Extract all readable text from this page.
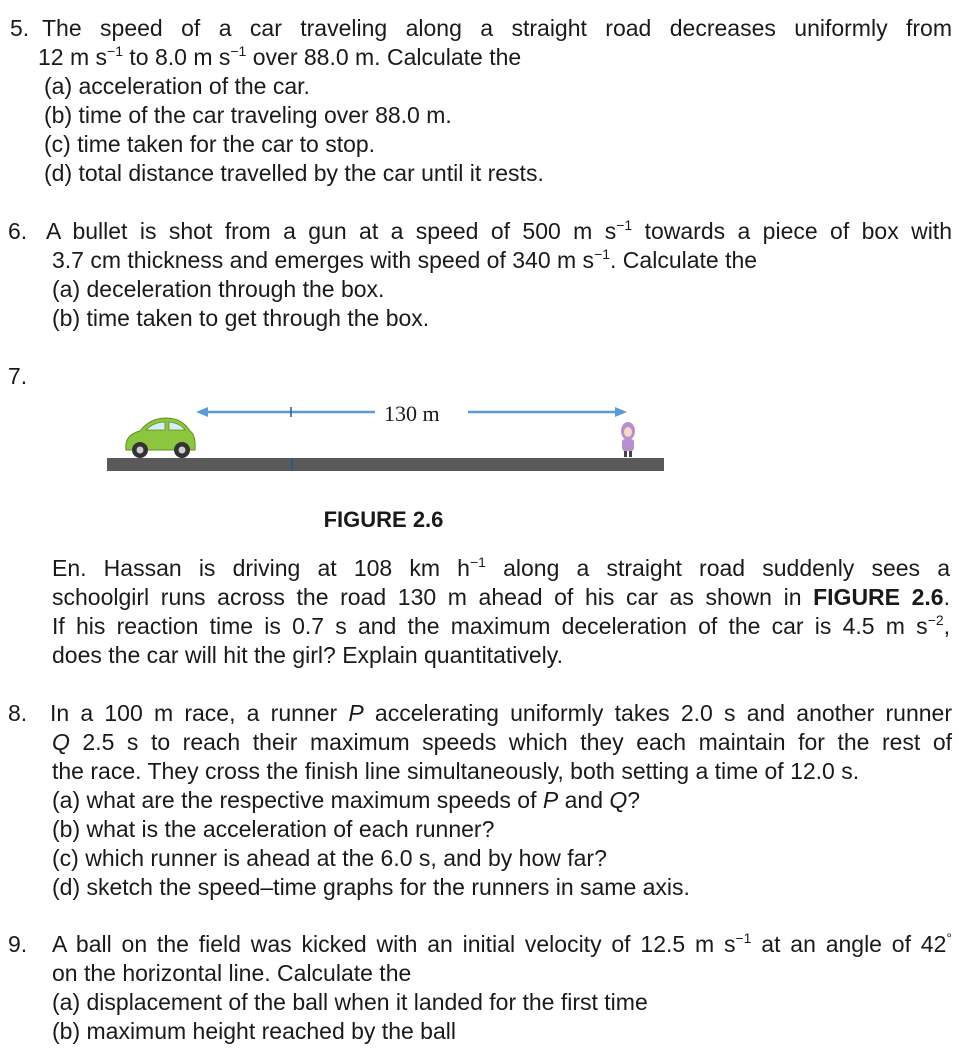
5. The speed of a car traveling along a straight road decreases uniformly from
12 m $s^{-1}$ to 8.0 m $s^{-1}$ over 88.0 m. Calculate the
(a) acceleration of the car.
(b) time of the car traveling over 88.0 m.
(c) time taken for the car to stop.
(d) total distance travelled by the car until it rests.
6. A bullet is shot from a gun at a speed of 500 m $s^{-1}$ towards a piece of box with
3.7 cm thickness and emerges with speed of 340 m $s^{-1}$. Calculate the
(a) deceleration through the box.
(b) time taken to get through the box.
7.
130 m
FIGURE 2.6
En. Hassan is driving at 108 km $h^{-1}$ along a straight road suddenly sees a
schoolgirl runs across the road 130 m ahead of his car as shown in FIGURE 2.6.
If his reaction time is 0.7 s and the maximum deceleration of the car is 4.5 m $s^{-2}$,
does the car will hit the girl? Explain quantitatively.
8. In a 100 m race, a runner P accelerating uniformly takes 2.0 s and another runner
Q 2.5 s to reach their maximum speeds which they each maintain for the rest of
the race. They cross the finish line simultaneously, both setting a time of 12.0 s.
(a) what are the respective maximum speeds of P and Q?
(b) what is the acceleration of each runner?
(c) which runner is ahead at the 6.0 s, and by how far?
(d) sketch the speed–time graphs for the runners in same axis.
9. A ball on the field was kicked with an initial velocity of 12.5 m $s^{-1}$ at an angle of 42°
on the horizontal line. Calculate the
(a) displacement of the ball when it landed for the first time
(b) maximum height reached by the ball
